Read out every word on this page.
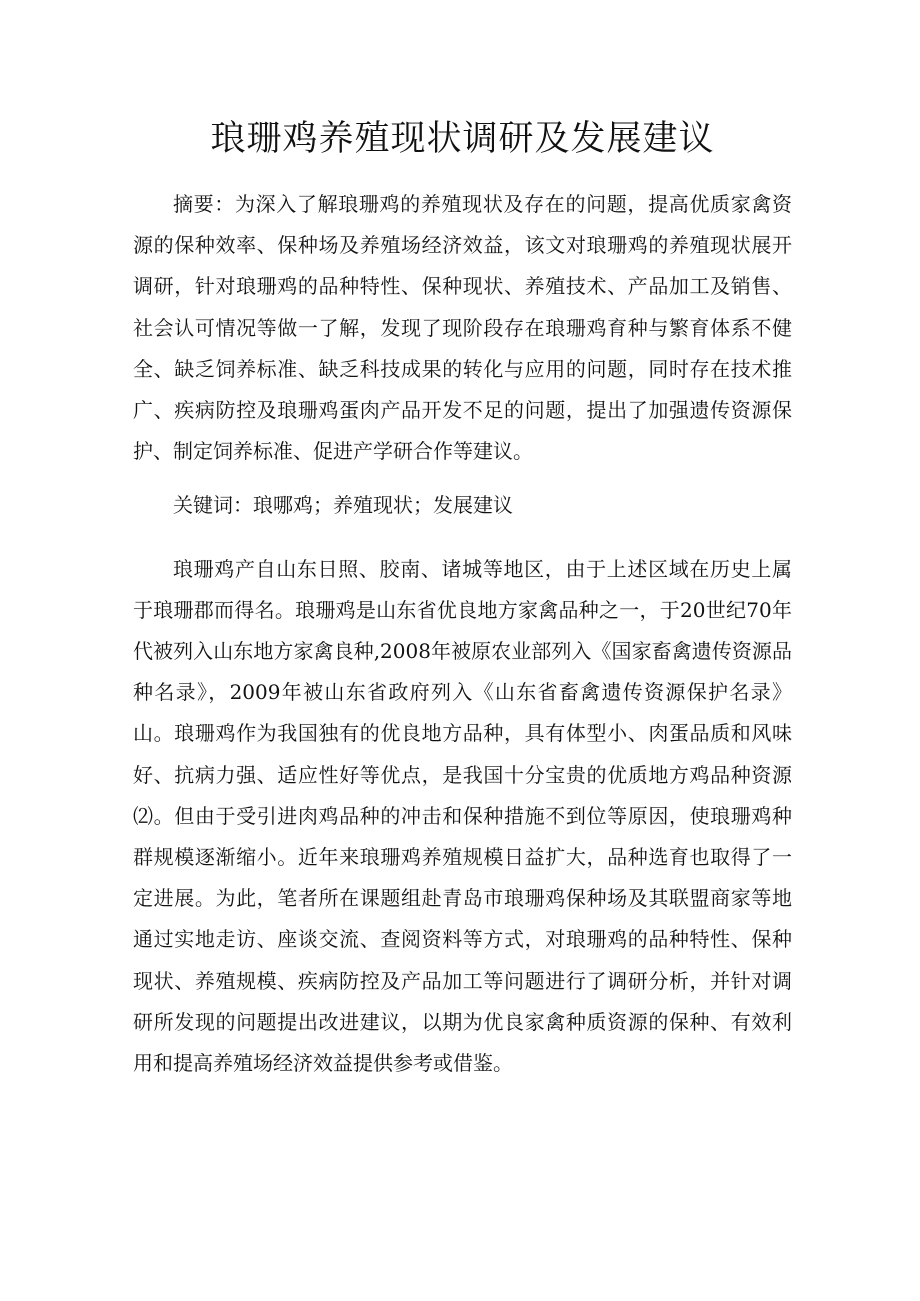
琅珊鸡养殖现状调研及发展建议

摘要：为深入了解琅珊鸡的养殖现状及存在的问题，提高优质家禽资源的保种效率、保种场及养殖场经济效益，该文对琅珊鸡的养殖现状展开调研，针对琅珊鸡的品种特性、保种现状、养殖技术、产品加工及销售、社会认可情况等做一了解，发现了现阶段存在琅珊鸡育种与繁育体系不健全、缺乏饲养标准、缺乏科技成果的转化与应用的问题，同时存在技术推广、疾病防控及琅珊鸡蛋肉产品开发不足的问题，提出了加强遗传资源保护、制定饲养标准、促进产学研合作等建议。

关键词：琅哪鸡；养殖现状；发展建议

琅珊鸡产自山东日照、胶南、诸城等地区，由于上述区域在历史上属于琅珊郡而得名。琅珊鸡是山东省优良地方家禽品种之一，于20世纪70年代被列入山东地方家禽良种,2008年被原农业部列入《国家畜禽遗传资源品种名录》，2009年被山东省政府列入《山东省畜禽遗传资源保护名录》山。琅珊鸡作为我国独有的优良地方品种，具有体型小、肉蛋品质和风味好、抗病力强、适应性好等优点，是我国十分宝贵的优质地方鸡品种资源⑵。但由于受引进肉鸡品种的冲击和保种措施不到位等原因，使琅珊鸡种群规模逐渐缩小。近年来琅珊鸡养殖规模日益扩大，品种选育也取得了一定进展。为此，笔者所在课题组赴青岛市琅珊鸡保种场及其联盟商家等地通过实地走访、座谈交流、查阅资料等方式，对琅珊鸡的品种特性、保种现状、养殖规模、疾病防控及产品加工等问题进行了调研分析，并针对调研所发现的问题提出改进建议，以期为优良家禽种质资源的保种、有效利用和提高养殖场经济效益提供参考或借鉴。
